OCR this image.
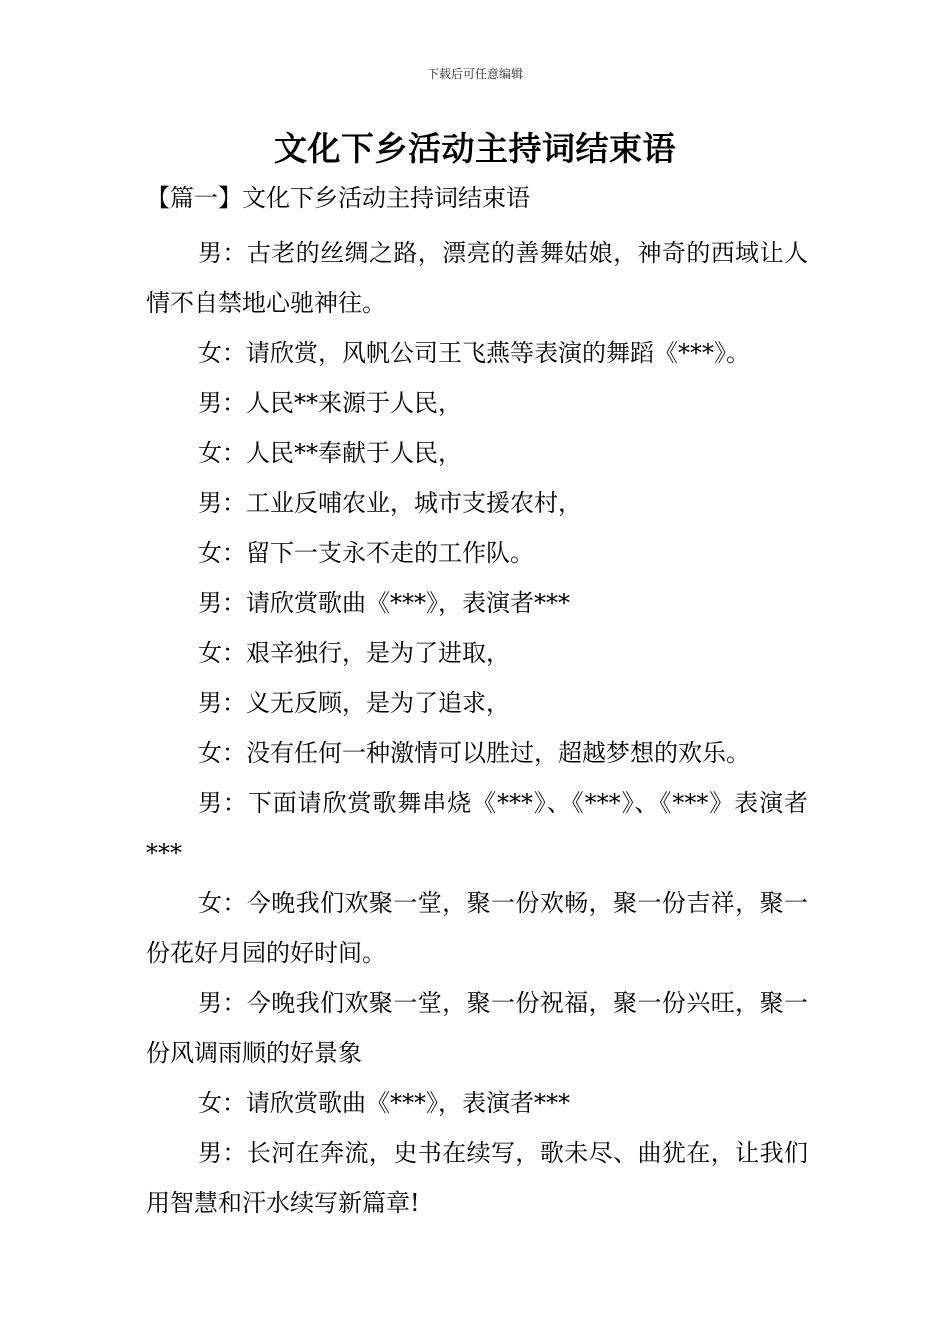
下载后可任意编辑
文化下乡活动主持词结束语
【篇一】文化下乡活动主持词结束语

男：古老的丝绸之路，漂亮的善舞姑娘，神奇的西域让人情不自禁地心驰神往。

女：请欣赏，风帆公司王飞燕等表演的舞蹈《***》。

男：人民**来源于人民，

女：人民**奉献于人民，

男：工业反哺农业，城市支援农村，

女：留下一支永不走的工作队。

男：请欣赏歌曲《***》，表演者***

女：艰辛独行，是为了进取，

男：义无反顾，是为了追求，

女：没有任何一种激情可以胜过，超越梦想的欢乐。

男：下面请欣赏歌舞串烧《***》、《***》、《***》表演者***

女：今晚我们欢聚一堂，聚一份欢畅，聚一份吉祥，聚一份花好月园的好时间。

男：今晚我们欢聚一堂，聚一份祝福，聚一份兴旺，聚一份风调雨顺的好景象

女：请欣赏歌曲《***》，表演者***

男：长河在奔流，史书在续写，歌未尽、曲犹在，让我们用智慧和汗水续写新篇章!
